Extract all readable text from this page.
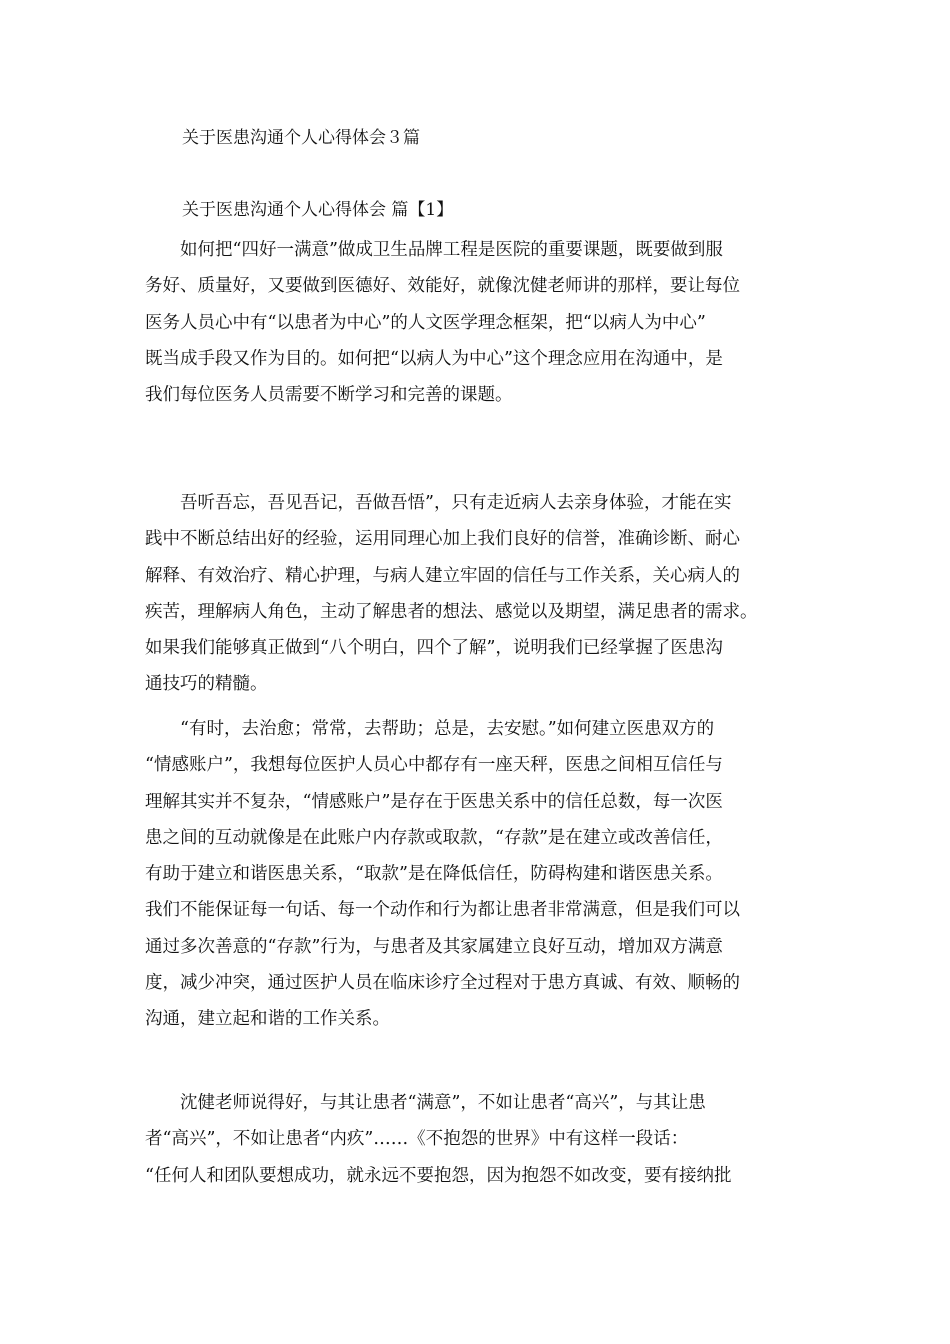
关于医患沟通个人心得体会３篇
关于医患沟通个人心得体会 篇【1】
如何把“四好一满意”做成卫生品牌工程是医院的重要课题，既要做到服
务好、质量好，又要做到医德好、效能好，就像沈健老师讲的那样，要让每位
医务人员心中有“以患者为中心”的人文医学理念框架，把“以病人为中心”
既当成手段又作为目的。如何把“以病人为中心”这个理念应用在沟通中，是
我们每位医务人员需要不断学习和完善的课题。
吾听吾忘，吾见吾记，吾做吾悟”，只有走近病人去亲身体验，才能在实
践中不断总结出好的经验，运用同理心加上我们良好的信誉，准确诊断、耐心
解释、有效治疗、精心护理，与病人建立牢固的信任与工作关系，关心病人的
疾苦，理解病人角色，主动了解患者的想法、感觉以及期望，满足患者的需求。
如果我们能够真正做到“八个明白，四个了解”，说明我们已经掌握了医患沟
通技巧的精髓。
“有时，去治愈；常常，去帮助；总是，去安慰。”如何建立医患双方的
“情感账户”，我想每位医护人员心中都存有一座天秤，医患之间相互信任与
理解其实并不复杂，“情感账户”是存在于医患关系中的信任总数，每一次医
患之间的互动就像是在此账户内存款或取款，“存款”是在建立或改善信任，
有助于建立和谐医患关系，“取款”是在降低信任，防碍构建和谐医患关系。
我们不能保证每一句话、每一个动作和行为都让患者非常满意，但是我们可以
通过多次善意的“存款”行为，与患者及其家属建立良好互动，增加双方满意
度，减少冲突，通过医护人员在临床诊疗全过程对于患方真诚、有效、顺畅的
沟通，建立起和谐的工作关系。
沈健老师说得好，与其让患者“满意”，不如让患者“高兴”，与其让患
者“高兴”，不如让患者“内疚”……《不抱怨的世界》中有这样一段话：
“任何人和团队要想成功，就永远不要抱怨，因为抱怨不如改变，要有接纳批
